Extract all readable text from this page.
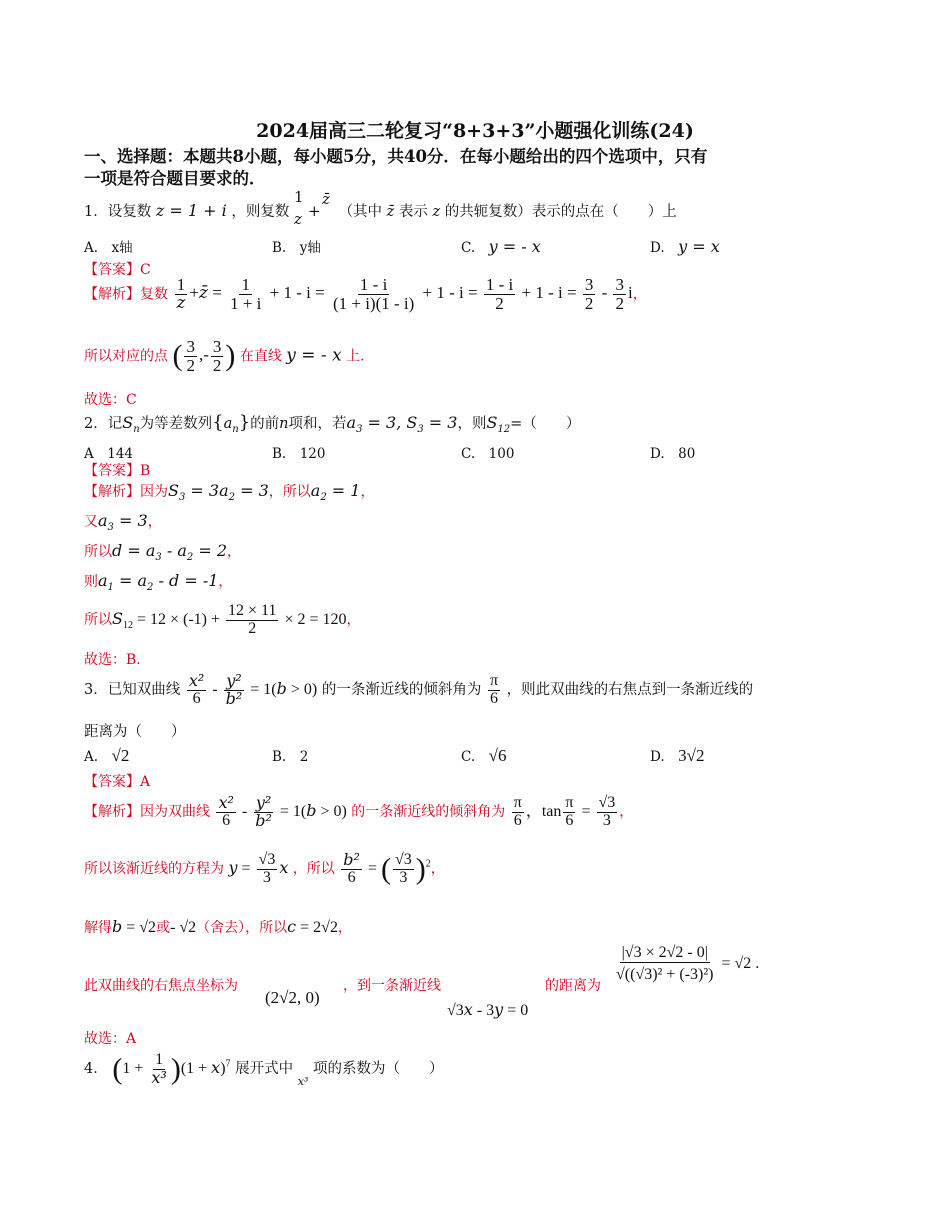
2024届高三二轮复习“8+3+3”小题强化训练(24)
一、选择题：本题共8小题，每小题5分，共40分．在每小题给出的四个选项中，只有
一项是符合题目要求的．
1．设复数 z = 1 + i ，则复数
1
z +
z̄
（其中 z̄ 表示 z 的共轭复数）表示的点在（　　）上
A.　x轴	B.　y轴	C.　 y = - x	D.　 y = x
【答案】C
【解析】复数 $\frac{1}{z}$ +z̄ = $\frac{1}{1 + i} + 1 - i = \frac{1 - i}{(1 + i)(1 - i)} + 1 - i = \frac{1 - i}{2} + 1 - i = \frac{3}{2} - \frac{3}{2}$ i，
所以对应的点 ( $\frac{3}{2}$ ,- $\frac{3}{2}$ ) 在直线 y = - x 上.
故选：C
2．记$S_n$为等差数列$\{a_n\}$的前n项和，若$a_3 = 3$, $S_3 = 3$，则$S_{12}=$（　　）
A　144	B.　120	C.　100	D.　80
【答案】B
【解析】因为$S_3 = 3a_2 = 3$，所以$a_2 = 1$，
又$a_3 = 3$，
所以$d = a_3 - a_2 = 2$，
则$a_1 = a_2 - d = -1$，
所以$S_{12} = 12 \times (-1) + \frac{12 \times 11}{2} \times 2 = 120$，
故选：B.
3．已知双曲线 $\frac{\text{x²}}{6} - \frac{\text{y²}}{\text{b²}} = 1(b > 0)$ 的一条渐近线的倾斜角为 $\frac{\pi}{6}$ ，则此双曲线的右焦点到一条渐近线的
距离为（　　）
A.　 √2	B.　2	C.　 √6	D.　 3√2
【答案】A
【解析】因为双曲线 $\frac{\text{x²}}{6} - \frac{\text{y²}}{\text{b²}} = 1(b > 0)$ 的一条渐近线的倾斜角为 $\frac{\pi}{6}$ ，$\tan \frac{\pi}{6} = \frac{√3}{3}$ ，
所以该渐近线的方程为 $y = \frac{√3}{3}$ x ，所以 $\frac{\text{b²}}{6}$ = ( $\frac{√3}{3} )^2$，
解得b = √2或- √2（舍去），所以c = 2√2，
此双曲线的右焦点坐标为
(2√2, 0)
，到一条渐近线
√3x - 3y = 0
的距离为
$\frac{|√3 \times 2√2 - 0|}{\text{√((√3)² + (-3)²)}} = √2$ .
故选：A
4． $(1 + \frac{1}{\text{x³}} )(1 + x)^7$ 展开式中 $_{x^3}$ 项的系数为（　　）
